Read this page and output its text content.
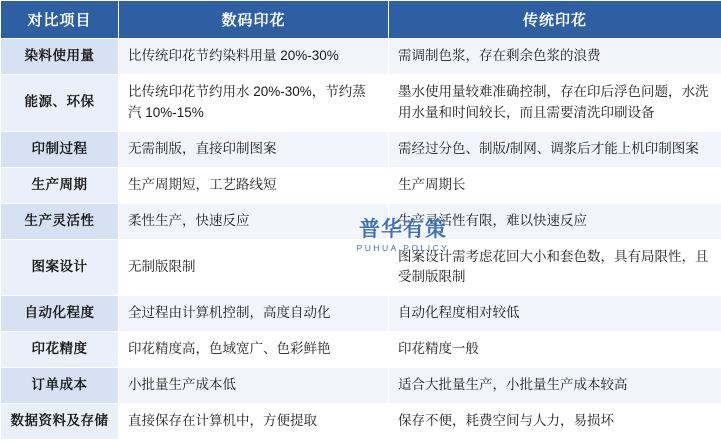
对比项目	数码印花	传统印花
染料使用量	比传统印花节约染料用量 20%-30%	需调制色浆，存在剩余色浆的浪费
能源、环保	比传统印花节约用水 20%-30%，节约蒸汽 10%-15%	墨水使用量较难准确控制，存在印后浮色问题，水洗用水量和时间较长，而且需要清洗印刷设备
印制过程	无需制版，直接印制图案	需经过分色、制版/制网、调浆后才能上机印制图案
生产周期	生产周期短，工艺路线短	生产周期长
生产灵活性	柔性生产，快速反应	生产灵活性有限，难以快速反应
图案设计	无制版限制	图案设计需考虑花回大小和套色数，具有局限性，且受制版限制
自动化程度	全过程由计算机控制，高度自动化	自动化程度相对较低
印花精度	印花精度高，色域宽广、色彩鲜艳	印花精度一般
订单成本	小批量生产成本低	适合大批量生产，小批量生产成本较高
数据资料及存储	直接保存在计算机中，方便提取	保存不便，耗费空间与人力，易损坏
普华有策
PUHUA POLICY
